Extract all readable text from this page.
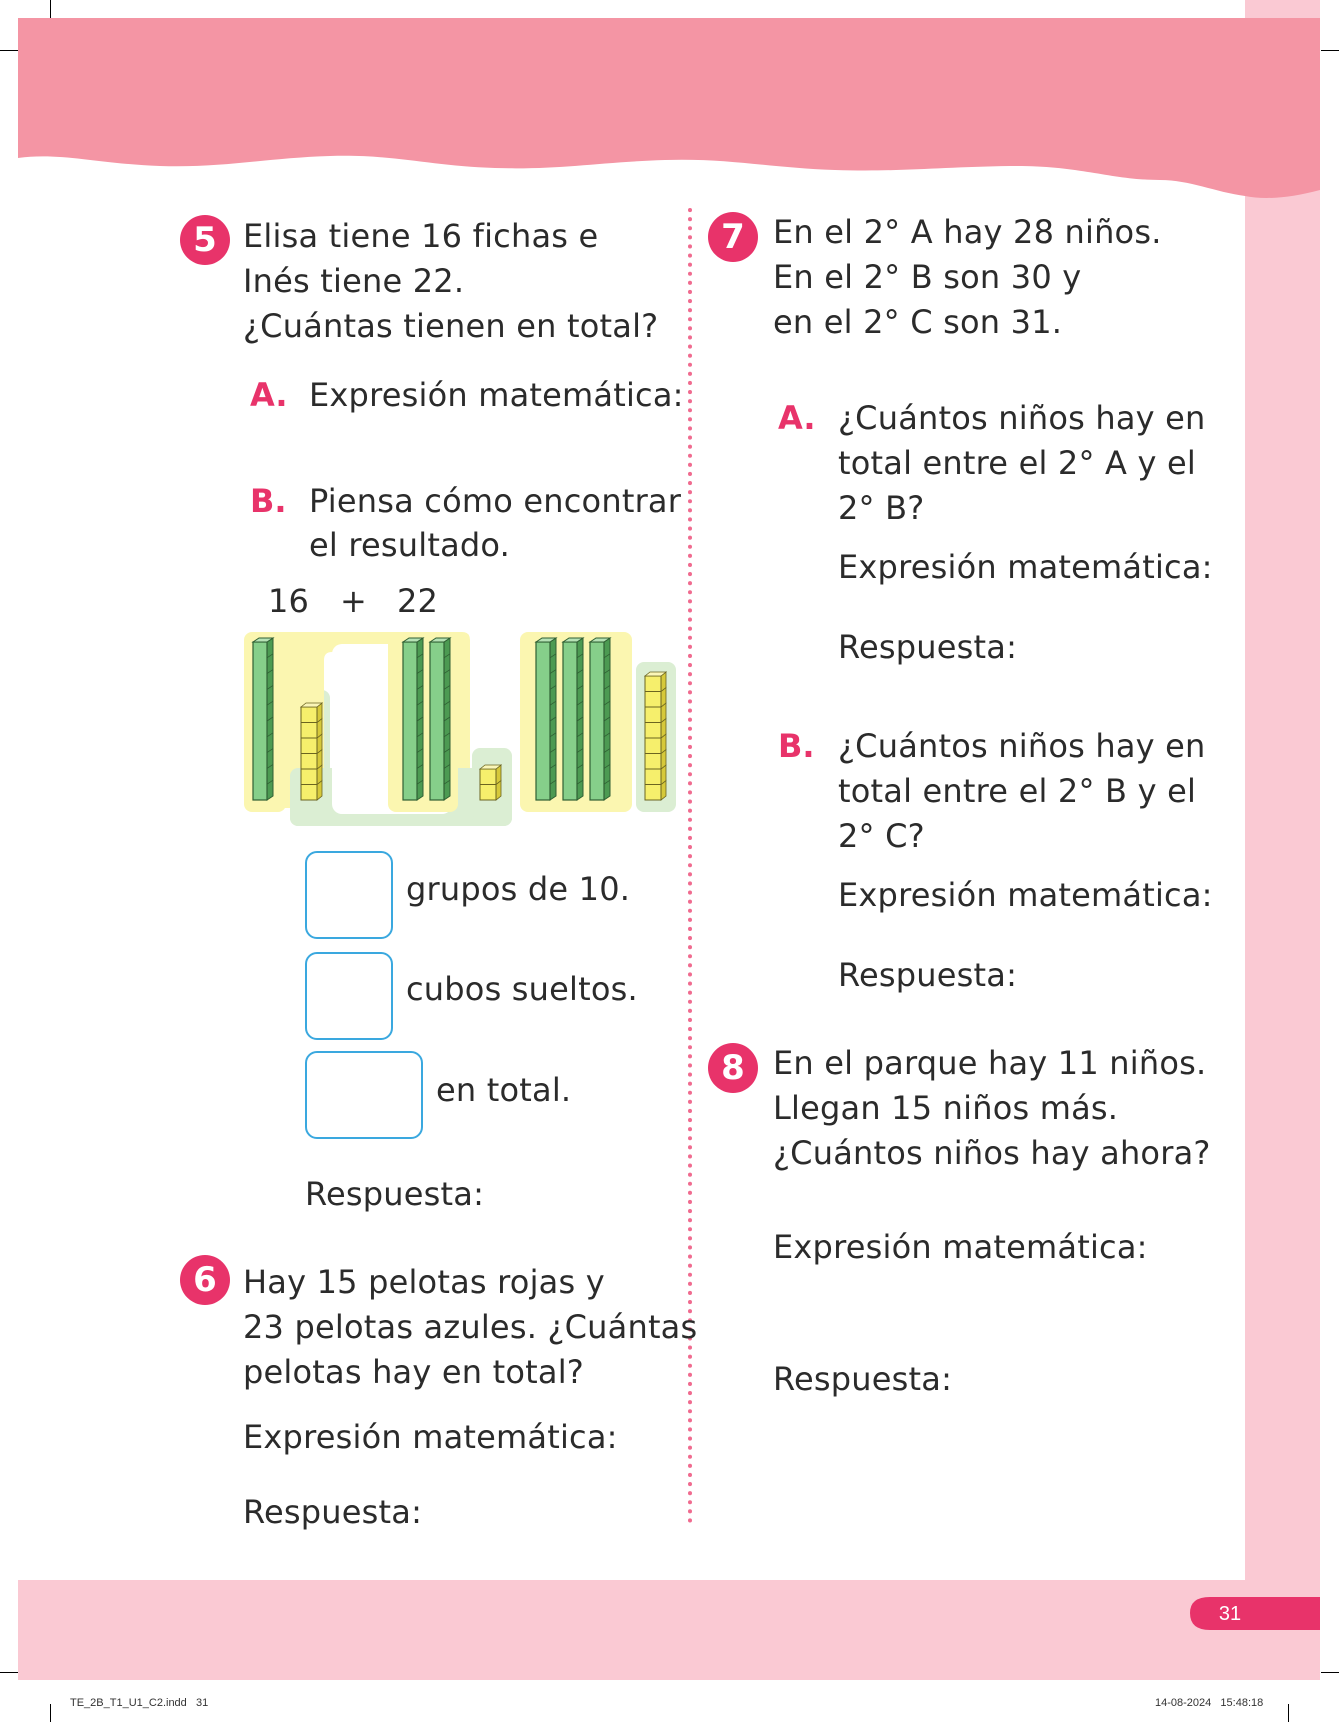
5 Elisa tiene 16 fichas e
Inés tiene 22.
¿Cuántas tienen en total?
A. Expresión matemática:
B. Piensa cómo encontrar
el resultado.
16 + 22
grupos de 10.
cubos sueltos.
en total.
Respuesta:
6 Hay 15 pelotas rojas y
23 pelotas azules. ¿Cuántas
pelotas hay en total?
Expresión matemática:
Respuesta:
7 En el 2° A hay 28 niños.
En el 2° B son 30 y
en el 2° C son 31.
A. ¿Cuántos niños hay en
total entre el 2° A y el
2° B?
Expresión matemática:
Respuesta:
B. ¿Cuántos niños hay en
total entre el 2° B y el
2° C?
Expresión matemática:
Respuesta:
8 En el parque hay 11 niños.
Llegan 15 niños más.
¿Cuántos niños hay ahora?
Expresión matemática:
Respuesta:
31
TE_2B_T1_U1_C2.indd   31	14-08-2024   15:48:18
